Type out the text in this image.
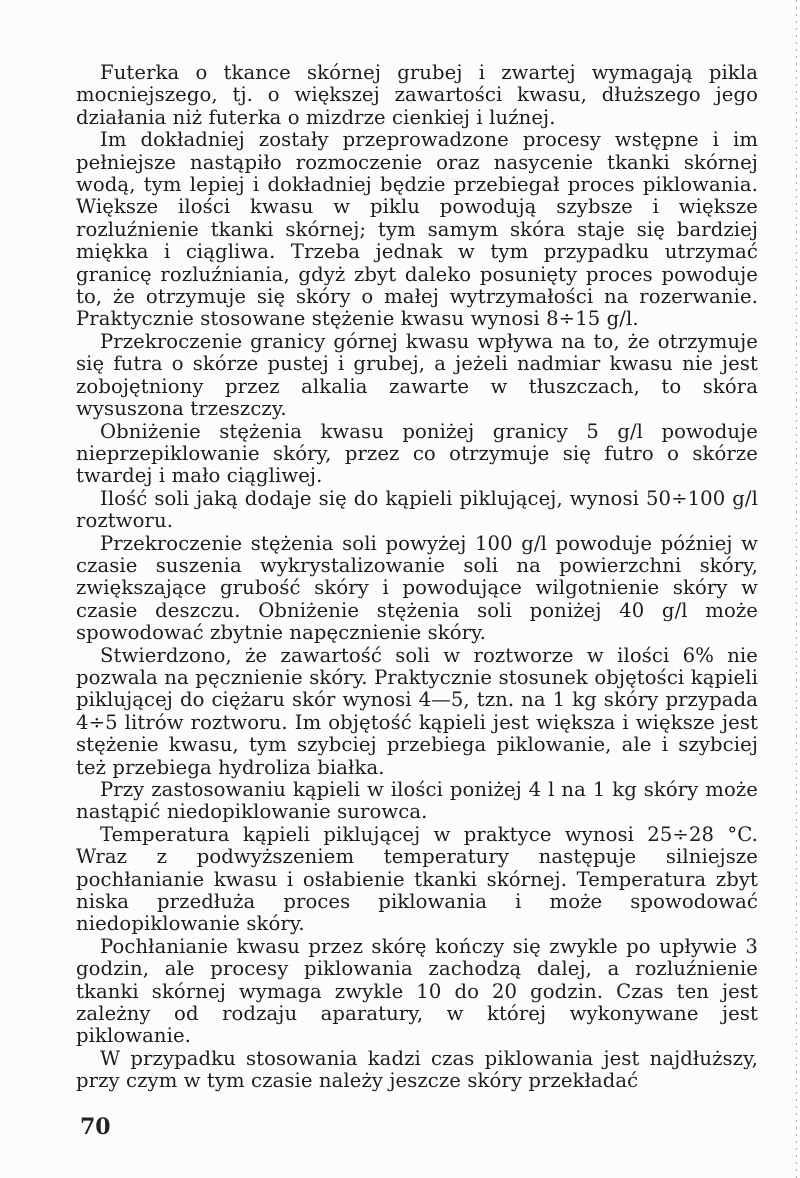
Futerka o tkance skórnej grubej i zwartej wymagają pikla mocniejszego, tj. o większej zawartości kwasu, dłuższego jego działania niż futerka o mizdrze cienkiej i luźnej.

Im dokładniej zostały przeprowadzone procesy wstępne i im pełniejsze nastąpiło rozmoczenie oraz nasycenie tkanki skórnej wodą, tym lepiej i dokładniej będzie przebiegał proces piklowania. Większe ilości kwasu w piklu powodują szybsze i większe rozluźnienie tkanki skórnej; tym samym skóra staje się bardziej miękka i ciągliwa. Trzeba jednak w tym przypadku utrzymać granicę rozluźniania, gdyż zbyt daleko posunięty proces powoduje to, że otrzymuje się skóry o małej wytrzymałości na rozerwanie. Praktycznie stosowane stężenie kwasu wynosi 8÷15 g/l.

Przekroczenie granicy górnej kwasu wpływa na to, że otrzymuje się futra o skórze pustej i grubej, a jeżeli nadmiar kwasu nie jest zobojętniony przez alkalia zawarte w tłuszczach, to skóra wysuszona trzeszczy.

Obniżenie stężenia kwasu poniżej granicy 5 g/l powoduje nieprzepiklowanie skóry, przez co otrzymuje się futro o skórze twardej i mało ciągliwej.

Ilość soli jaką dodaje się do kąpieli piklującej, wynosi 50÷100 g/l roztworu.

Przekroczenie stężenia soli powyżej 100 g/l powoduje później w czasie suszenia wykrystalizowanie soli na powierzchni skóry, zwiększające grubość skóry i powodujące wilgotnienie skóry w czasie deszczu. Obniżenie stężenia soli poniżej 40 g/l może spowodować zbytnie napęcznienie skóry.

Stwierdzono, że zawartość soli w roztworze w ilości 6% nie pozwala na pęcznienie skóry. Praktycznie stosunek objętości kąpieli piklującej do ciężaru skór wynosi 4—5, tzn. na 1 kg skóry przypada 4÷5 litrów roztworu. Im objętość kąpieli jest większa i większe jest stężenie kwasu, tym szybciej przebiega piklowanie, ale i szybciej też przebiega hydroliza białka.

Przy zastosowaniu kąpieli w ilości poniżej 4 l na 1 kg skóry może nastąpić niedopiklowanie surowca.

Temperatura kąpieli piklującej w praktyce wynosi 25÷28 °C. Wraz z podwyższeniem temperatury następuje silniejsze pochłanianie kwasu i osłabienie tkanki skórnej. Temperatura zbyt niska przedłuża proces piklowania i może spowodować niedopiklowanie skóry.

Pochłanianie kwasu przez skórę kończy się zwykle po upływie 3 godzin, ale procesy piklowania zachodzą dalej, a rozluźnienie tkanki skórnej wymaga zwykle 10 do 20 godzin. Czas ten jest zależny od rodzaju aparatury, w której wykonywane jest piklowanie.

W przypadku stosowania kadzi czas piklowania jest najdłuższy, przy czym w tym czasie należy jeszcze skóry przekładać

70
